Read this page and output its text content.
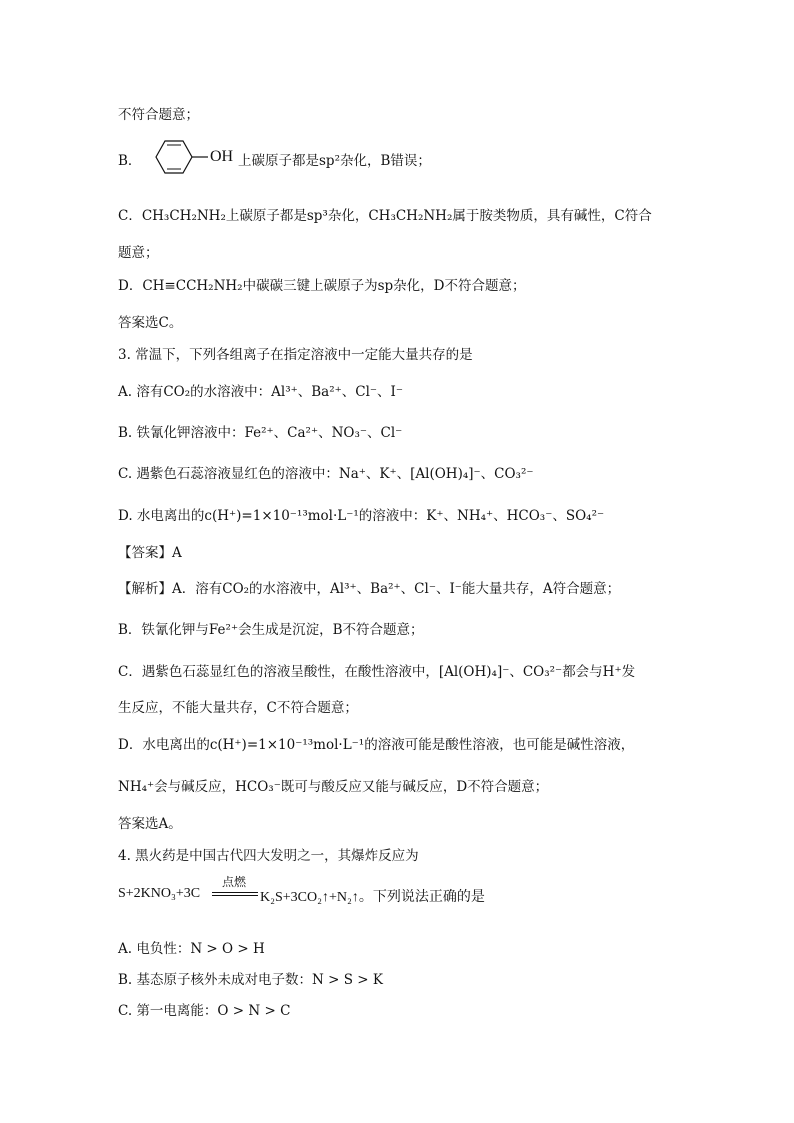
不符合题意；
B．	OH 上碳原子都是sp²杂化，B错误；
C．CH₃CH₂NH₂上碳原子都是sp³杂化，CH₃CH₂NH₂属于胺类物质，具有碱性，C符合
题意；
D．CH≡CCH₂NH₂中碳碳三键上碳原子为sp杂化，D不符合题意；
答案选C。
3. 常温下，下列各组离子在指定溶液中一定能大量共存的是
A. 溶有CO₂的水溶液中：Al³⁺、Ba²⁺、Cl⁻、I⁻
B. 铁氰化钾溶液中：Fe²⁺、Ca²⁺、NO₃⁻、Cl⁻
C. 遇紫色石蕊溶液显红色的溶液中：Na⁺、K⁺、[Al(OH)₄]⁻、CO₃²⁻
D. 水电离出的c(H⁺)=1×10⁻¹³mol·L⁻¹的溶液中：K⁺、NH₄⁺、HCO₃⁻、SO₄²⁻
【答案】A
【解析】A．溶有CO₂的水溶液中，Al³⁺、Ba²⁺、Cl⁻、I⁻能大量共存，A符合题意；
B．铁氰化钾与Fe²⁺会生成是沉淀，B不符合题意；
C．遇紫色石蕊显红色的溶液呈酸性，在酸性溶液中，[Al(OH)₄]⁻、CO₃²⁻都会与H⁺发
生反应，不能大量共存，C不符合题意；
D．水电离出的c(H⁺)=1×10⁻¹³mol·L⁻¹的溶液可能是酸性溶液，也可能是碱性溶液，
NH₄⁺会与碱反应，HCO₃⁻既可与酸反应又能与碱反应，D不符合题意；
答案选A。
4. 黑火药是中国古代四大发明之一，其爆炸反应为
S+2KNO₃+3C
点燃
K₂S+3CO₂↑+N₂↑。下列说法正确的是
A. 电负性：N > O > H
B. 基态原子核外未成对电子数：N > S > K
C. 第一电离能：O > N > C
